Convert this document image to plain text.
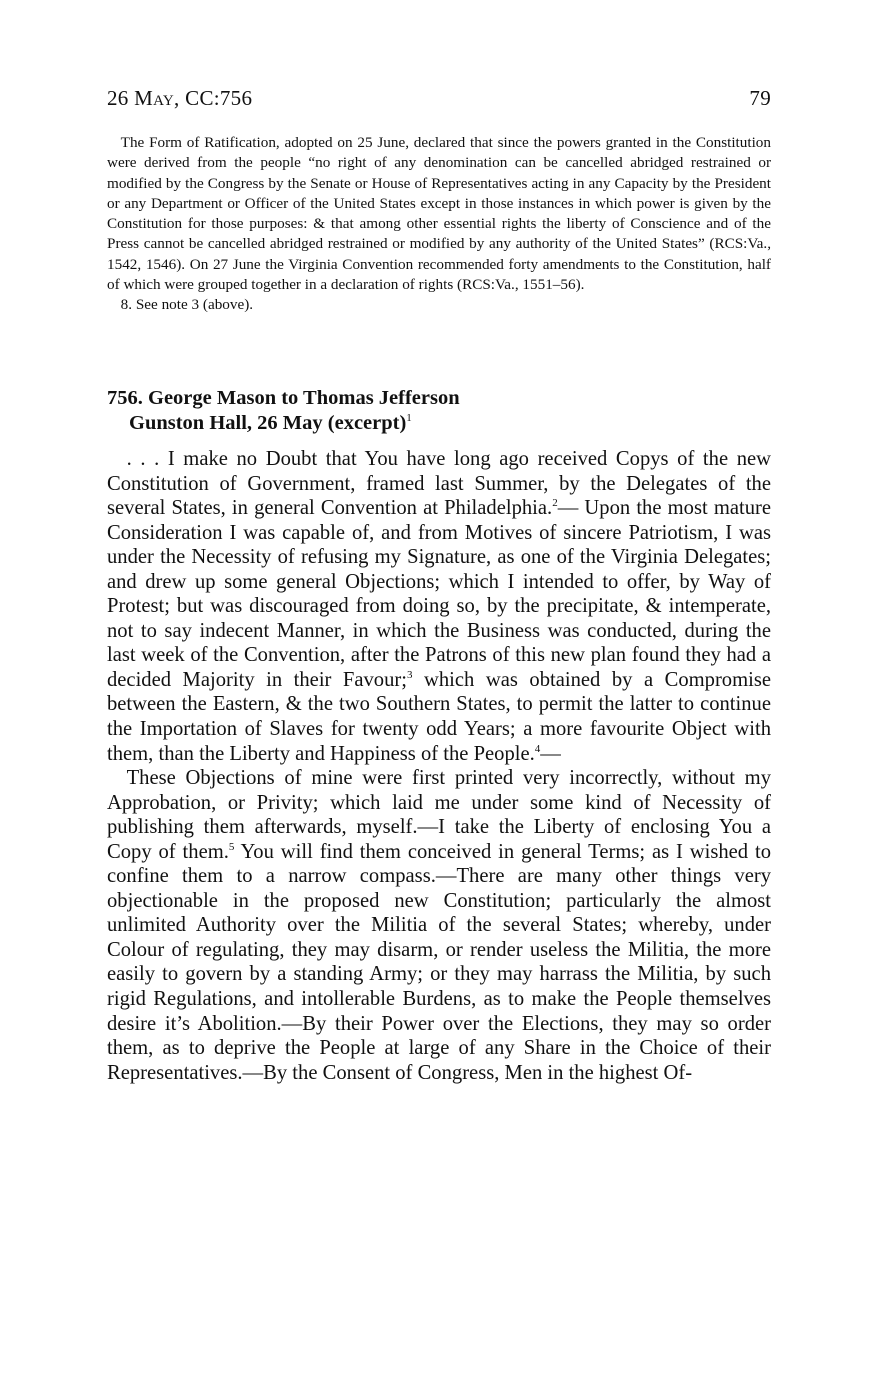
26 May, CC:756	79

The Form of Ratification, adopted on 25 June, declared that since the powers granted in the Constitution were derived from the people “no right of any denomination can be cancelled abridged restrained or modified by the Congress by the Senate or House of Representatives acting in any Capacity by the President or any Department or Officer of the United States except in those instances in which power is given by the Constitution for those purposes: & that among other essential rights the liberty of Conscience and of the Press cannot be cancelled abridged restrained or modified by any authority of the United States” (RCS:Va., 1542, 1546). On 27 June the Virginia Convention recommended forty amendments to the Constitution, half of which were grouped together in a declaration of rights (RCS:Va., 1551–56).

8. See note 3 (above).

756. George Mason to Thomas Jefferson
Gunston Hall, 26 May (excerpt)$^1$

. . . I make no Doubt that You have long ago received Copys of the new Constitution of Government, framed last Summer, by the Delegates of the several States, in general Convention at Philadelphia.$^2$— Upon the most mature Consideration I was capable of, and from Motives of sincere Patriotism, I was under the Necessity of refusing my Signature, as one of the Virginia Delegates; and drew up some general Objections; which I intended to offer, by Way of Protest; but was discouraged from doing so, by the precipitate, & intemperate, not to say indecent Manner, in which the Business was conducted, during the last week of the Convention, after the Patrons of this new plan found they had a decided Majority in their Favour;$^3$ which was obtained by a Compromise between the Eastern, & the two Southern States, to permit the latter to continue the Importation of Slaves for twenty odd Years; a more favourite Object with them, than the Liberty and Happiness of the People.$^4$—

These Objections of mine were first printed very incorrectly, without my Approbation, or Privity; which laid me under some kind of Necessity of publishing them afterwards, myself.—I take the Liberty of enclosing You a Copy of them.$^5$ You will find them conceived in general Terms; as I wished to confine them to a narrow compass.—There are many other things very objectionable in the proposed new Constitution; particularly the almost unlimited Authority over the Militia of the several States; whereby, under Colour of regulating, they may disarm, or render useless the Militia, the more easily to govern by a standing Army; or they may harrass the Militia, by such rigid Regulations, and intollerable Burdens, as to make the People themselves desire it’s Abolition.—By their Power over the Elections, they may so order them, as to deprive the People at large of any Share in the Choice of their Representatives.—By the Consent of Congress, Men in the highest Of-
